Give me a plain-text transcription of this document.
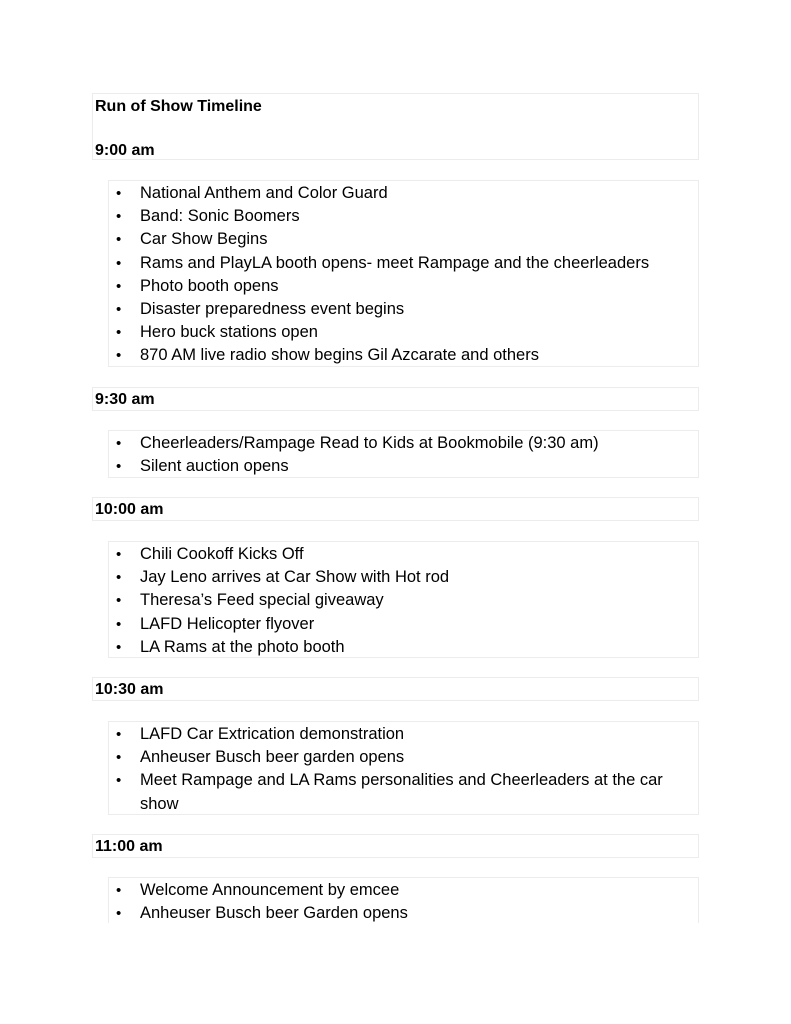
Run of Show Timeline
9:00 am
• National Anthem and Color Guard
• Band: Sonic Boomers
• Car Show Begins
• Rams and PlayLA booth opens- meet Rampage and the cheerleaders
• Photo booth opens
• Disaster preparedness event begins
• Hero buck stations open
• 870 AM live radio show begins Gil Azcarate and others
9:30 am
• Cheerleaders/Rampage Read to Kids at Bookmobile (9:30 am)
• Silent auction opens
10:00 am
• Chili Cookoff Kicks Off
• Jay Leno arrives at Car Show with Hot rod
• Theresa’s Feed special giveaway
• LAFD Helicopter flyover
• LA Rams at the photo booth
10:30 am
• LAFD Car Extrication demonstration
• Anheuser Busch beer garden opens
• Meet Rampage and LA Rams personalities and Cheerleaders at the car show
11:00 am
• Welcome Announcement by emcee
• Anheuser Busch beer Garden opens
